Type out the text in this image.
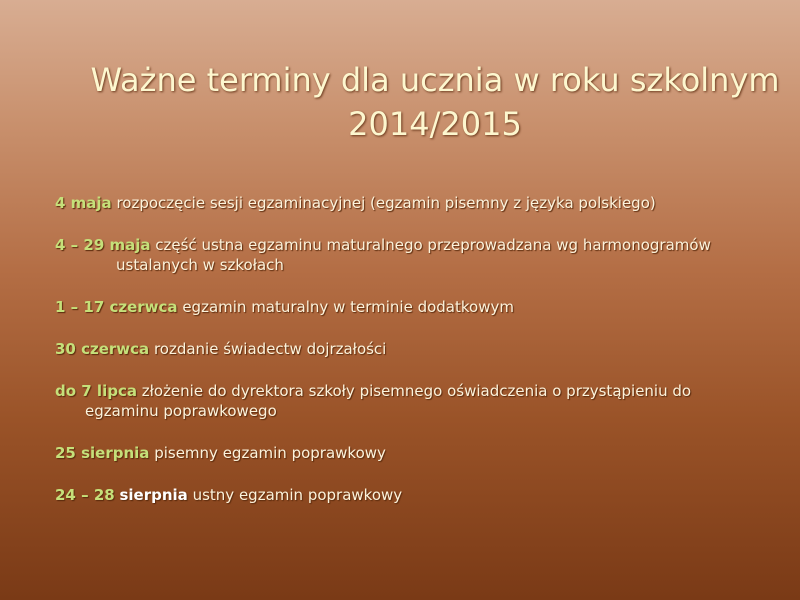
Ważne terminy dla ucznia w roku szkolnym
2014/2015
4 maja rozpoczęcie sesji egzaminacyjnej (egzamin pisemny z języka polskiego)
4 – 29 maja część ustna egzaminu maturalnego przeprowadzana wg harmonogramów
ustalanych w szkołach
1 – 17 czerwca egzamin maturalny w terminie dodatkowym
30 czerwca rozdanie świadectw dojrzałości
do 7 lipca złożenie do dyrektora szkoły pisemnego oświadczenia o przystąpieniu do
egzaminu poprawkowego
25 sierpnia pisemny egzamin poprawkowy
24 – 28 sierpnia ustny egzamin poprawkowy
